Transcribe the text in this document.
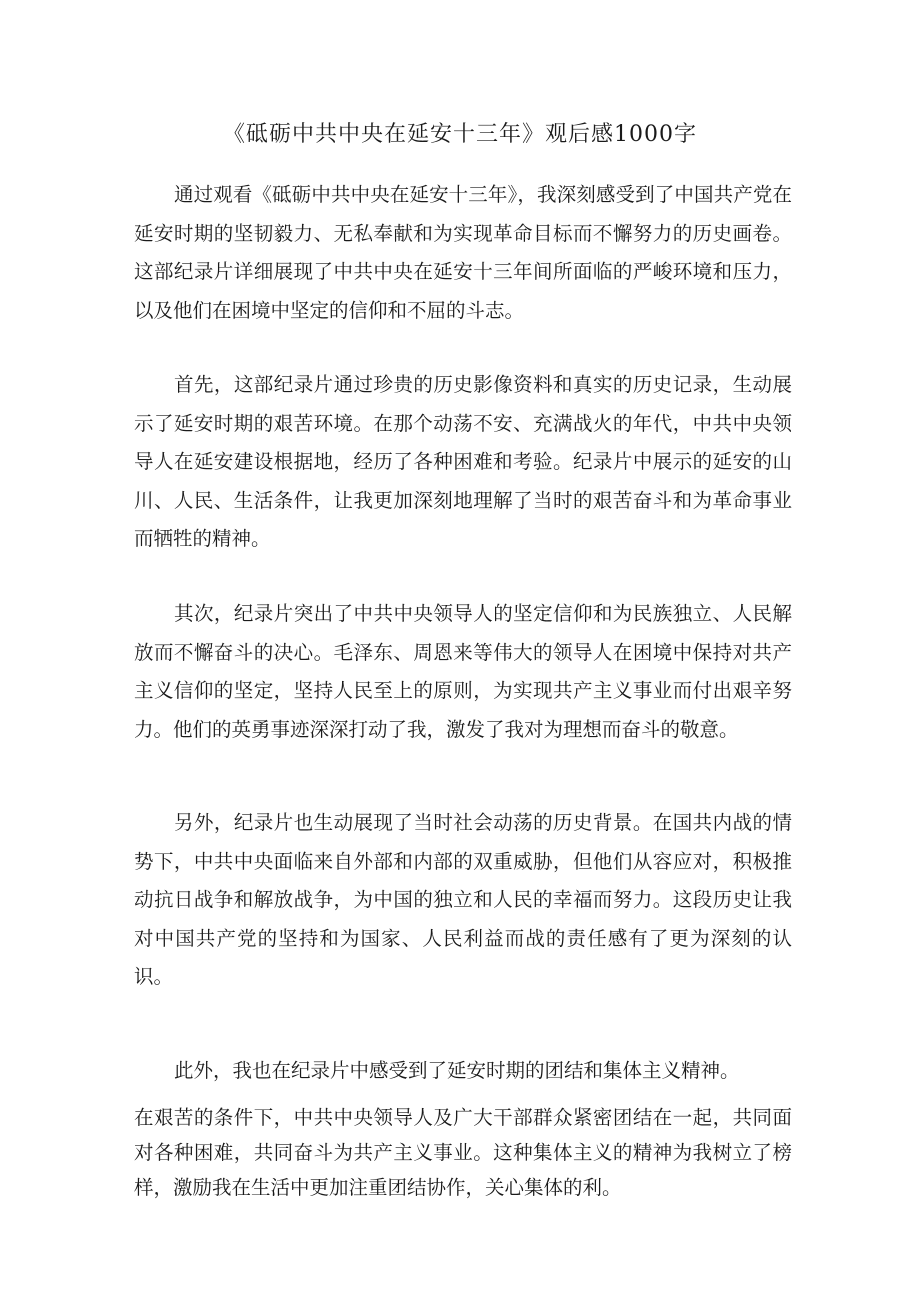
《砥砺中共中央在延安十三年》观后感1000字

通过观看《砥砺中共中央在延安十三年》，我深刻感受到了中国共产党在延安时期的坚韧毅力、无私奉献和为实现革命目标而不懈努力的历史画卷。这部纪录片详细展现了中共中央在延安十三年间所面临的严峻环境和压力，以及他们在困境中坚定的信仰和不屈的斗志。

首先，这部纪录片通过珍贵的历史影像资料和真实的历史记录，生动展示了延安时期的艰苦环境。在那个动荡不安、充满战火的年代，中共中央领导人在延安建设根据地，经历了各种困难和考验。纪录片中展示的延安的山川、人民、生活条件，让我更加深刻地理解了当时的艰苦奋斗和为革命事业而牺牲的精神。

其次，纪录片突出了中共中央领导人的坚定信仰和为民族独立、人民解放而不懈奋斗的决心。毛泽东、周恩来等伟大的领导人在困境中保持对共产主义信仰的坚定，坚持人民至上的原则，为实现共产主义事业而付出艰辛努力。他们的英勇事迹深深打动了我，激发了我对为理想而奋斗的敬意。

另外，纪录片也生动展现了当时社会动荡的历史背景。在国共内战的情势下，中共中央面临来自外部和内部的双重威胁，但他们从容应对，积极推动抗日战争和解放战争，为中国的独立和人民的幸福而努力。这段历史让我对中国共产党的坚持和为国家、人民利益而战的责任感有了更为深刻的认识。

此外，我也在纪录片中感受到了延安时期的团结和集体主义精神。

在艰苦的条件下，中共中央领导人及广大干部群众紧密团结在一起，共同面对各种困难，共同奋斗为共产主义事业。这种集体主义的精神为我树立了榜样，激励我在生活中更加注重团结协作，关心集体的利。
